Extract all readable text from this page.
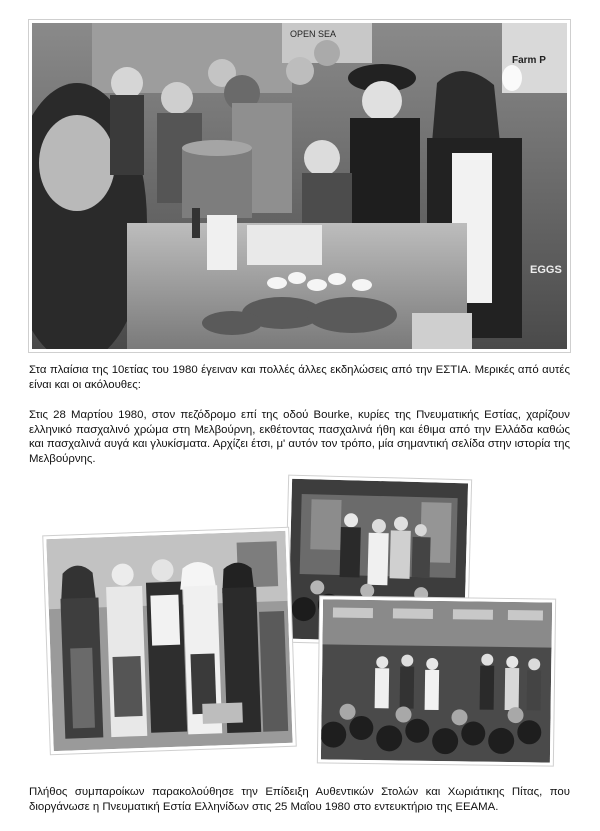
OPEN SEA
Farm P
EGGS

Στα πλαίσια της 10ετίας του 1980 έγειναν και πολλές άλλες εκδηλώσεις από την ΕΣΤΙΑ. Μερικές από αυτές είναι και οι ακόλουθες:

Στις 28 Μαρτίου 1980, στον πεζόδρομο επί της οδού Bourke, κυρίες της Πνευματικής Εστίας, χαρίζουν ελληνικό πασχαλινό χρώμα στη Μελβούρνη, εκθέτοντας πασχαλινά ήθη και έθιμα από την Ελλάδα καθώς και πασχαλινά αυγά και γλυκίσματα. Αρχίζει έτσι, μ' αυτόν τον τρόπο, μία σημαντική σελίδα στην ιστορία της Μελβούρνης.

Πλήθος συμπαροίκων παρακολούθησε την Επίδειξη Αυθεντικών Στολών και Χωριάτικης Πίτας, που διοργάνωσε η Πνευματική Εστία Ελληνίδων στις 25 Μαΐου 1980 στο εντευκτήριο της ΕΕΑΜΑ.
